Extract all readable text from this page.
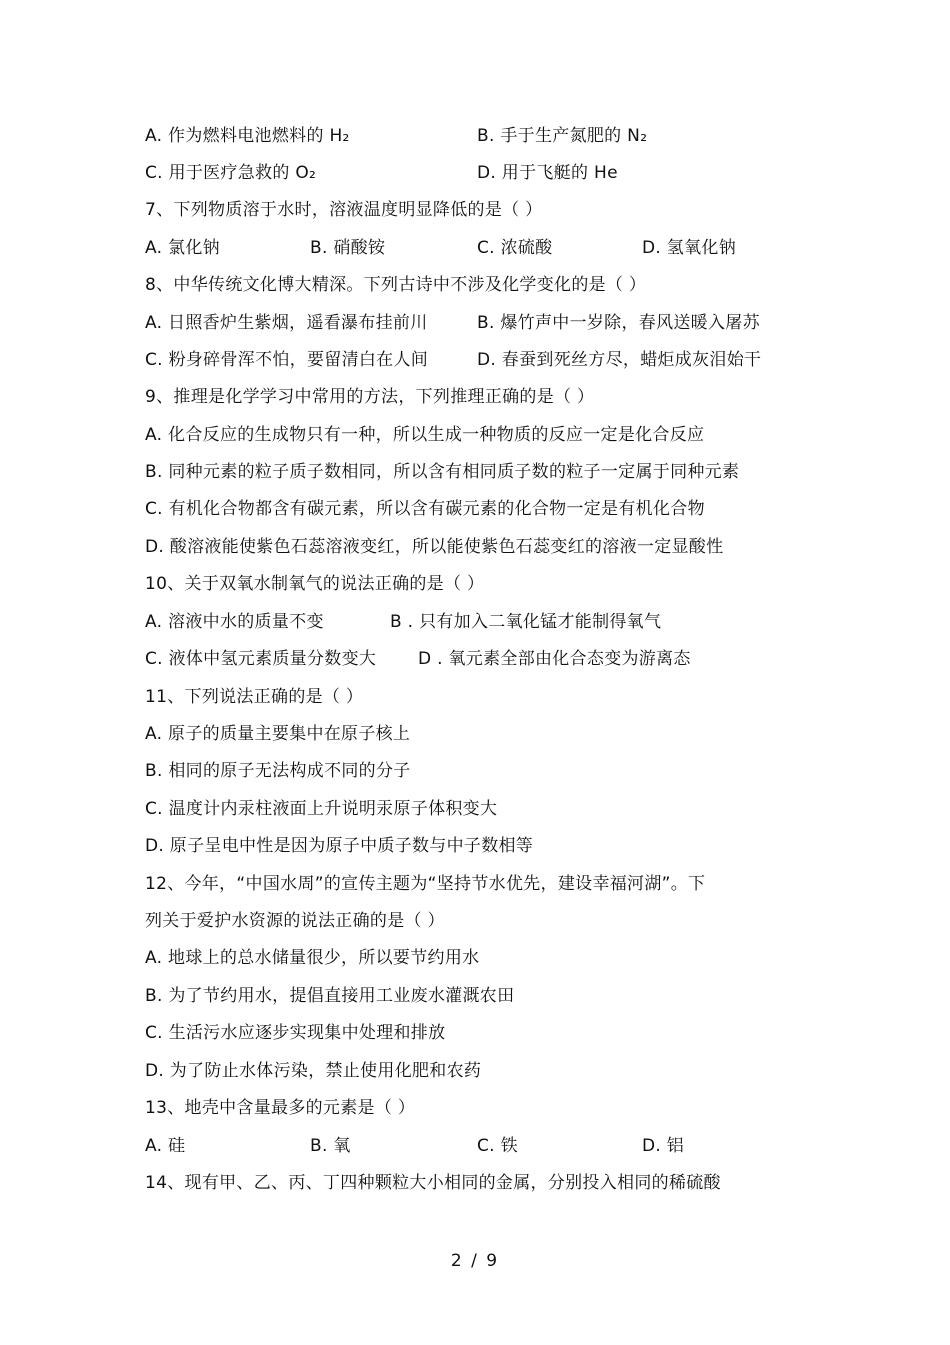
A. 作为燃料电池燃料的 H₂	B. 手于生产氮肥的 N₂
C. 用于医疗急救的 O₂	D. 用于飞艇的 He
7、下列物质溶于水时，溶液温度明显降低的是（ ）
A. 氯化钠	B. 硝酸铵	C. 浓硫酸	D. 氢氧化钠
8、中华传统文化博大精深。下列古诗中不涉及化学变化的是（ ）
A. 日照香炉生紫烟，遥看瀑布挂前川	B. 爆竹声中一岁除，春风送暖入屠苏
C. 粉身碎骨浑不怕，要留清白在人间	D. 春蚕到死丝方尽，蜡炬成灰泪始干
9、推理是化学学习中常用的方法，下列推理正确的是（ ）
A. 化合反应的生成物只有一种，所以生成一种物质的反应一定是化合反应
B. 同种元素的粒子质子数相同，所以含有相同质子数的粒子一定属于同种元素
C. 有机化合物都含有碳元素，所以含有碳元素的化合物一定是有机化合物
D. 酸溶液能使紫色石蕊溶液变红，所以能使紫色石蕊变红的溶液一定显酸性
10、关于双氧水制氧气的说法正确的是（ ）
A. 溶液中水的质量不变	B . 只有加入二氧化锰才能制得氧气
C. 液体中氢元素质量分数变大 D . 氧元素全部由化合态变为游离态
11、下列说法正确的是（ ）
A. 原子的质量主要集中在原子核上
B. 相同的原子无法构成不同的分子
C. 温度计内汞柱液面上升说明汞原子体积变大
D. 原子呈电中性是因为原子中质子数与中子数相等
12、今年，“中国水周”的宣传主题为“坚持节水优先，建设幸福河湖”。下
列关于爱护水资源的说法正确的是（ ）
A. 地球上的总水储量很少，所以要节约用水
B. 为了节约用水，提倡直接用工业废水灌溉农田
C. 生活污水应逐步实现集中处理和排放
D. 为了防止水体污染，禁止使用化肥和农药
13、地壳中含量最多的元素是（ ）
A. 硅	B. 氧	C. 铁	D. 铝
14、现有甲、乙、丙、丁四种颗粒大小相同的金属，分别投入相同的稀硫酸
2 / 9
